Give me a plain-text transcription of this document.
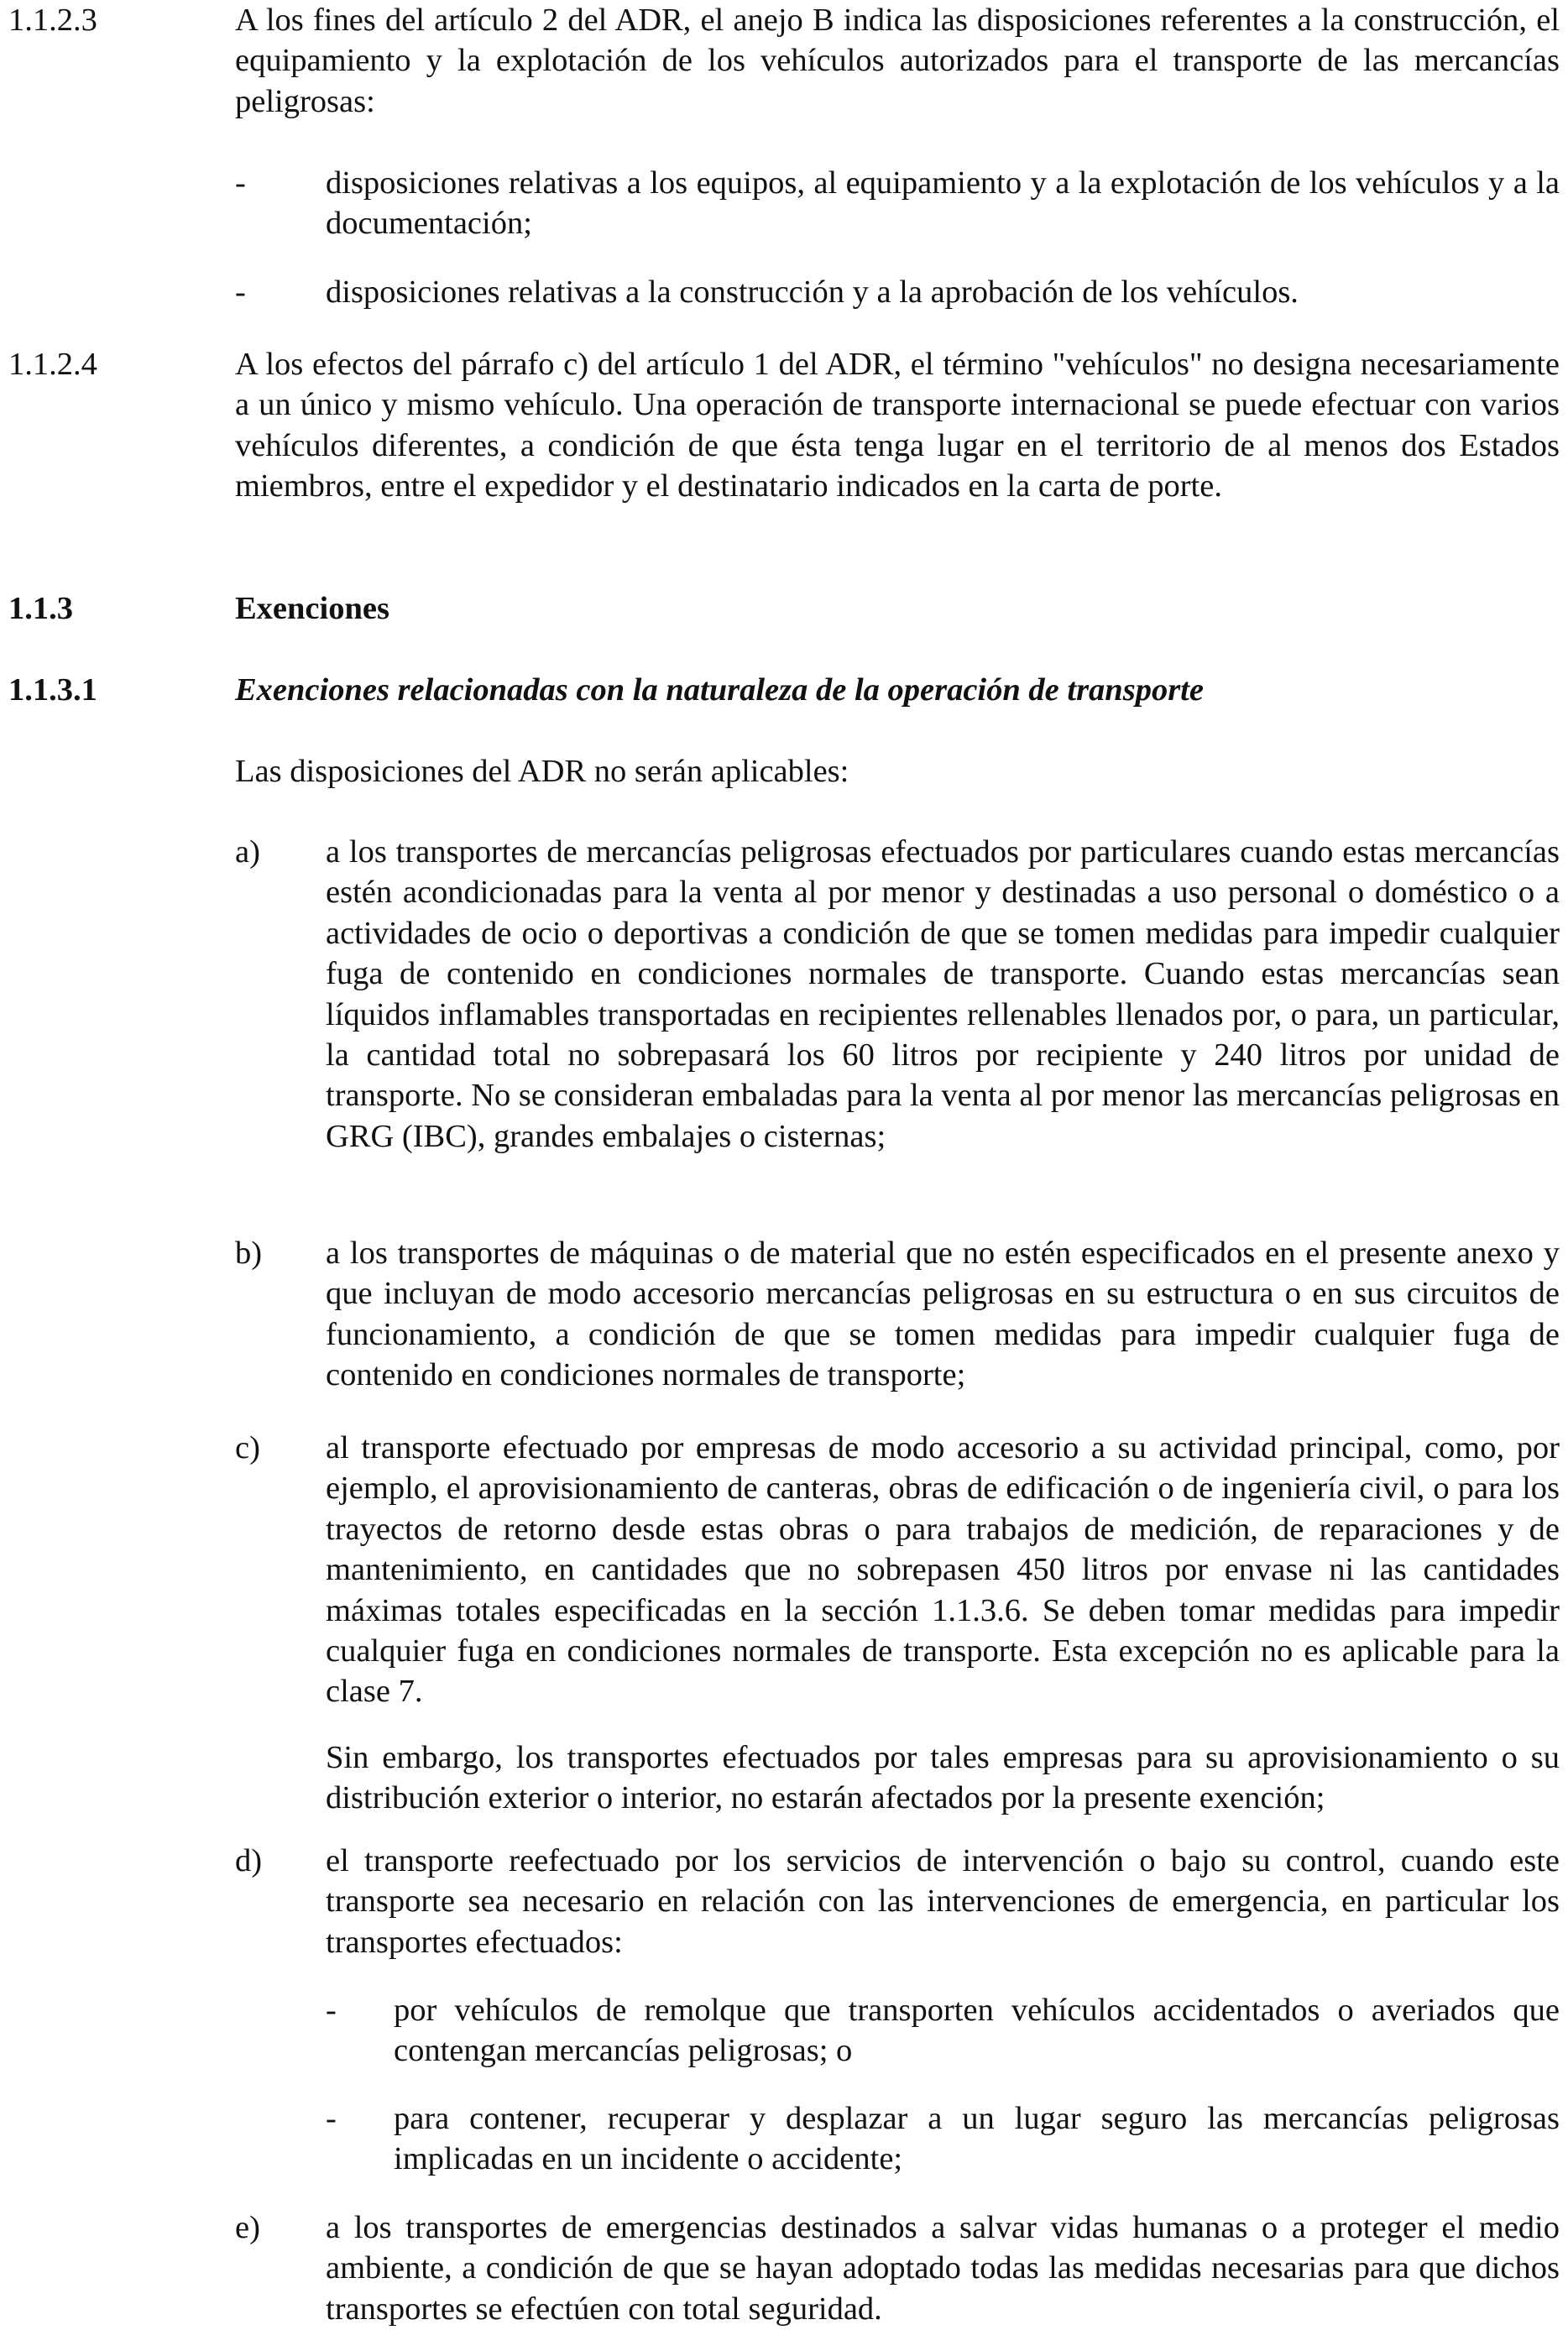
1.1.2.3	A los fines del artículo 2 del ADR, el anejo B indica las disposiciones referentes a la construcción, el equipamiento y la explotación de los vehículos autorizados para el transporte de las mercancías peligrosas:
- disposiciones relativas a los equipos, al equipamiento y a la explotación de los vehículos y a la documentación;
- disposiciones relativas a la construcción y a la aprobación de los vehículos.
1.1.2.4	A los efectos del párrafo c) del artículo 1 del ADR, el término "vehículos" no designa necesariamente a un único y mismo vehículo. Una operación de transporte internacional se puede efectuar con varios vehículos diferentes, a condición de que ésta tenga lugar en el territorio de al menos dos Estados miembros, entre el expedidor y el destinatario indicados en la carta de porte.
1.1.3	Exenciones
1.1.3.1	Exenciones relacionadas con la naturaleza de la operación de transporte
Las disposiciones del ADR no serán aplicables:
a) a los transportes de mercancías peligrosas efectuados por particulares cuando estas mercancías estén acondicionadas para la venta al por menor y destinadas a uso personal o doméstico o a actividades de ocio o deportivas a condición de que se tomen medidas para impedir cualquier fuga de contenido en condiciones normales de transporte. Cuando estas mercancías sean líquidos inflamables transportadas en recipientes rellenables llenados por, o para, un particular, la cantidad total no sobrepasará los 60 litros por recipiente y 240 litros por unidad de transporte. No se consideran embaladas para la venta al por menor las mercancías peligrosas en GRG (IBC), grandes embalajes o cisternas;
b) a los transportes de máquinas o de material que no estén especificados en el presente anexo y que incluyan de modo accesorio mercancías peligrosas en su estructura o en sus circuitos de funcionamiento, a condición de que se tomen medidas para impedir cualquier fuga de contenido en condiciones normales de transporte;
c) al transporte efectuado por empresas de modo accesorio a su actividad principal, como, por ejemplo, el aprovisionamiento de canteras, obras de edificación o de ingeniería civil, o para los trayectos de retorno desde estas obras o para trabajos de medición, de reparaciones y de mantenimiento, en cantidades que no sobrepasen 450 litros por envase ni las cantidades máximas totales especificadas en la sección 1.1.3.6. Se deben tomar medidas para impedir cualquier fuga en condiciones normales de transporte. Esta excepción no es aplicable para la clase 7.
Sin embargo, los transportes efectuados por tales empresas para su aprovisionamiento o su distribución exterior o interior, no estarán afectados por la presente exención;
d) el transporte reefectuado por los servicios de intervención o bajo su control, cuando este transporte sea necesario en relación con las intervenciones de emergencia, en particular los transportes efectuados:
- por vehículos de remolque que transporten vehículos accidentados o averiados que contengan mercancías peligrosas; o
- para contener, recuperar y desplazar a un lugar seguro las mercancías peligrosas implicadas en un incidente o accidente;
e) a los transportes de emergencias destinados a salvar vidas humanas o a proteger el medio ambiente, a condición de que se hayan adoptado todas las medidas necesarias para que dichos transportes se efectúen con total seguridad.
